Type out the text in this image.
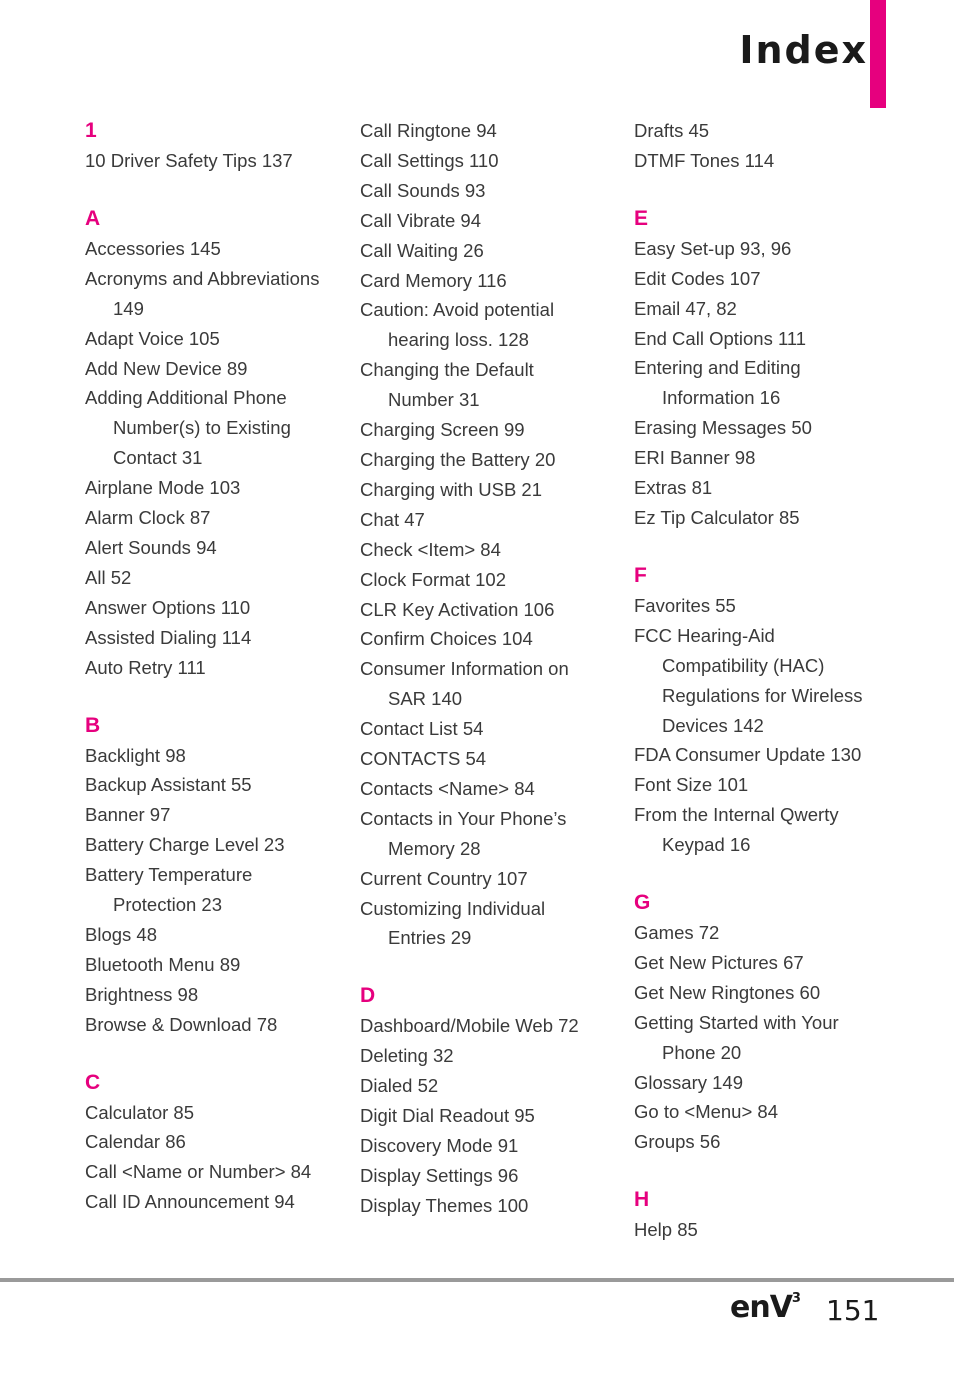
Index
1
10 Driver Safety Tips 137
A
Accessories 145
Acronyms and Abbreviations
149
Adapt Voice 105
Add New Device 89
Adding Additional Phone
Number(s) to Existing
Contact 31
Airplane Mode 103
Alarm Clock 87
Alert Sounds 94
All 52
Answer Options 110
Assisted Dialing 114
Auto Retry 111
B
Backlight 98
Backup Assistant 55
Banner 97
Battery Charge Level 23
Battery Temperature
Protection 23
Blogs 48
Bluetooth Menu 89
Brightness 98
Browse & Download 78
C
Calculator 85
Calendar 86
Call <Name or Number> 84
Call ID Announcement 94
Call Ringtone 94
Call Settings 110
Call Sounds 93
Call Vibrate 94
Call Waiting 26
Card Memory 116
Caution: Avoid potential
hearing loss. 128
Changing the Default
Number 31
Charging Screen 99
Charging the Battery 20
Charging with USB 21
Chat 47
Check <Item> 84
Clock Format 102
CLR Key Activation 106
Confirm Choices 104
Consumer Information on
SAR 140
Contact List 54
CONTACTS 54
Contacts <Name> 84
Contacts in Your Phone’s
Memory 28
Current Country 107
Customizing Individual
Entries 29
D
Dashboard/Mobile Web 72
Deleting 32
Dialed 52
Digit Dial Readout 95
Discovery Mode 91
Display Settings 96
Display Themes 100
Drafts 45
DTMF Tones 114
E
Easy Set-up 93, 96
Edit Codes 107
Email 47, 82
End Call Options 111
Entering and Editing
Information 16
Erasing Messages 50
ERI Banner 98
Extras 81
Ez Tip Calculator 85
F
Favorites 55
FCC Hearing-Aid
Compatibility (HAC)
Regulations for Wireless
Devices 142
FDA Consumer Update 130
Font Size 101
From the Internal Qwerty
Keypad 16
G
Games 72
Get New Pictures 67
Get New Ringtones 60
Getting Started with Your
Phone 20
Glossary 149
Go to <Menu> 84
Groups 56
H
Help 85
enV$^3$ 151
